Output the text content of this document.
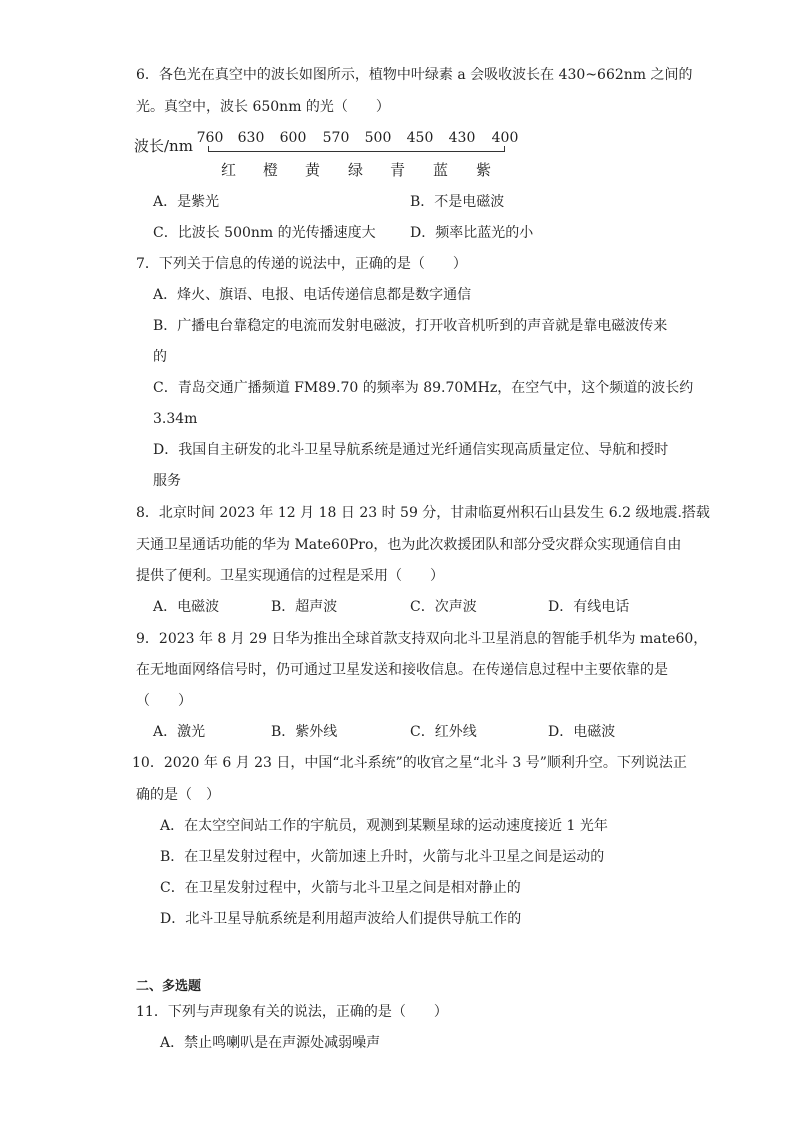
6．各色光在真空中的波长如图所示，植物中叶绿素 a 会吸收波长在 430~662nm 之间的
光。真空中，波长 650nm 的光（　　）
波长/nm 760 630 600 570 500 450 430 400
红 橙 黄 绿 青 蓝 紫
A．是紫光	B．不是电磁波
C．比波长 500nm 的光传播速度大 D．频率比蓝光的小
7．下列关于信息的传递的说法中，正确的是（　　）
A．烽火、旗语、电报、电话传递信息都是数字通信
B．广播电台靠稳定的电流而发射电磁波，打开收音机听到的声音就是靠电磁波传来
的
C．青岛交通广播频道 FM89.70 的频率为 89.70MHz，在空气中，这个频道的波长约
3.34m
D．我国自主研发的北斗卫星导航系统是通过光纤通信实现高质量定位、导航和授时
服务
8．北京时间 2023 年 12 月 18 日 23 时 59 分，甘肃临夏州积石山县发生 6.2 级地震.搭载
天通卫星通话功能的华为 Mate60Pro，也为此次救援团队和部分受灾群众实现通信自由
提供了便利。卫星实现通信的过程是采用（　　）
A．电磁波	B．超声波	C．次声波	D．有线电话
9．2023 年 8 月 29 日华为推出全球首款支持双向北斗卫星消息的智能手机华为 mate60，
在无地面网络信号时，仍可通过卫星发送和接收信息。在传递信息过程中主要依靠的是
（　　）
A．激光	B．紫外线	C．红外线	D．电磁波
10．2020 年 6 月 23 日，中国“北斗系统”的收官之星“北斗 3 号”顺利升空。下列说法正
确的是（　）
A．在太空空间站工作的宇航员，观测到某颗星球的运动速度接近 1 光年
B．在卫星发射过程中，火箭加速上升时，火箭与北斗卫星之间是运动的
C．在卫星发射过程中，火箭与北斗卫星之间是相对静止的
D．北斗卫星导航系统是利用超声波给人们提供导航工作的
二、多选题
11．下列与声现象有关的说法，正确的是（　　）
A．禁止鸣喇叭是在声源处减弱噪声
